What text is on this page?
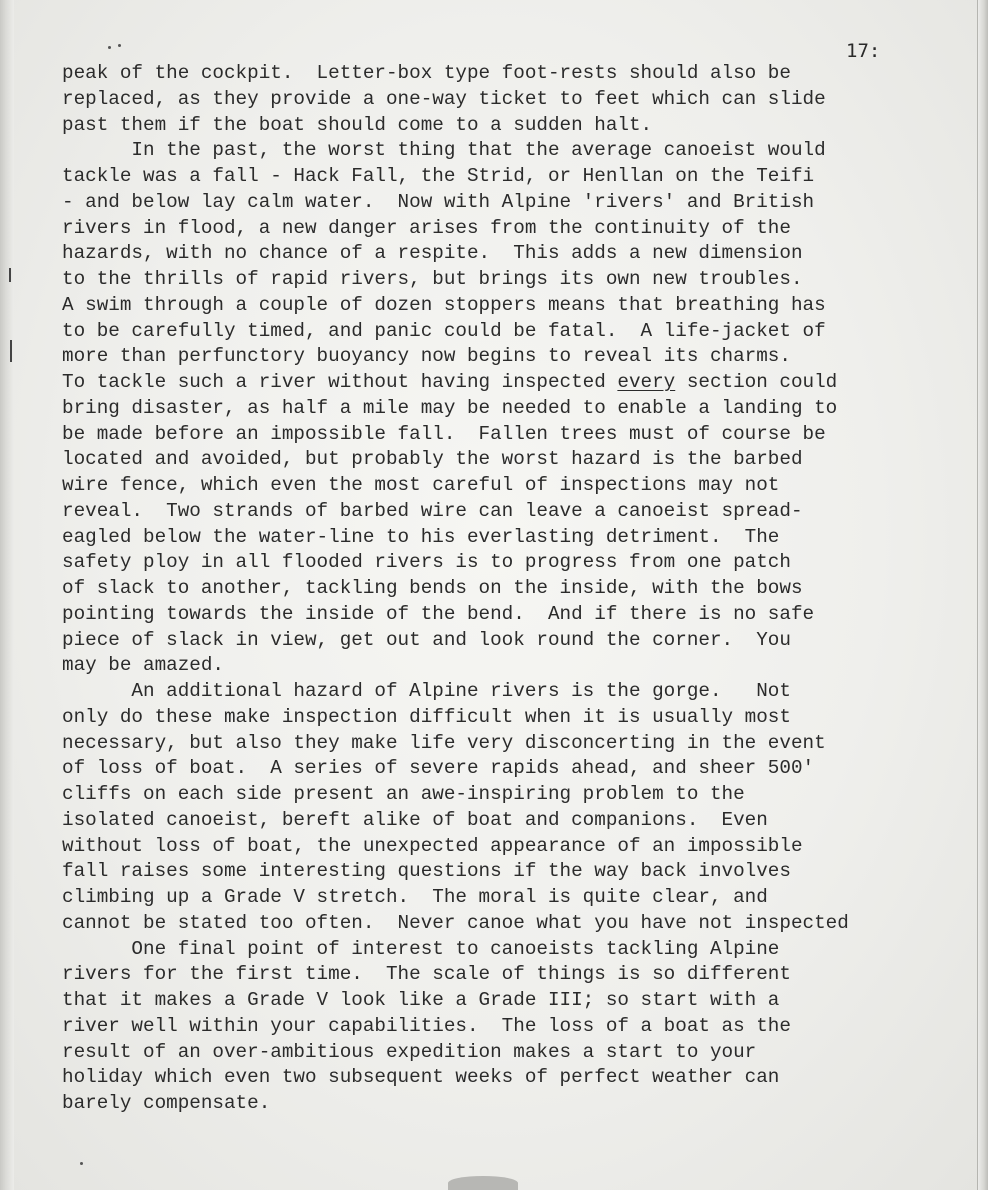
17:
peak of the cockpit.  Letter-box type foot-rests should also be
replaced, as they provide a one-way ticket to feet which can slide
past them if the boat should come to a sudden halt.
In the past, the worst thing that the average canoeist would
tackle was a fall - Hack Fall, the Strid, or Henllan on the Teifi
- and below lay calm water.  Now with Alpine 'rivers' and British
rivers in flood, a new danger arises from the continuity of the
hazards, with no chance of a respite.  This adds a new dimension
to the thrills of rapid rivers, but brings its own new troubles.
A swim through a couple of dozen stoppers means that breathing has
to be carefully timed, and panic could be fatal.  A life-jacket of
more than perfunctory buoyancy now begins to reveal its charms.
To tackle such a river without having inspected every section could
bring disaster, as half a mile may be needed to enable a landing to
be made before an impossible fall.  Fallen trees must of course be
located and avoided, but probably the worst hazard is the barbed
wire fence, which even the most careful of inspections may not
reveal.  Two strands of barbed wire can leave a canoeist spread-
eagled below the water-line to his everlasting detriment.  The
safety ploy in all flooded rivers is to progress from one patch
of slack to another, tackling bends on the inside, with the bows
pointing towards the inside of the bend.  And if there is no safe
piece of slack in view, get out and look round the corner.  You
may be amazed.
An additional hazard of Alpine rivers is the gorge.   Not
only do these make inspection difficult when it is usually most
necessary, but also they make life very disconcerting in the event
of loss of boat.  A series of severe rapids ahead, and sheer 500'
cliffs on each side present an awe-inspiring problem to the
isolated canoeist, bereft alike of boat and companions.  Even
without loss of boat, the unexpected appearance of an impossible
fall raises some interesting questions if the way back involves
climbing up a Grade V stretch.  The moral is quite clear, and
cannot be stated too often.  Never canoe what you have not inspected
One final point of interest to canoeists tackling Alpine
rivers for the first time.  The scale of things is so different
that it makes a Grade V look like a Grade III; so start with a
river well within your capabilities.  The loss of a boat as the
result of an over-ambitious expedition makes a start to your
holiday which even two subsequent weeks of perfect weather can
barely compensate.
